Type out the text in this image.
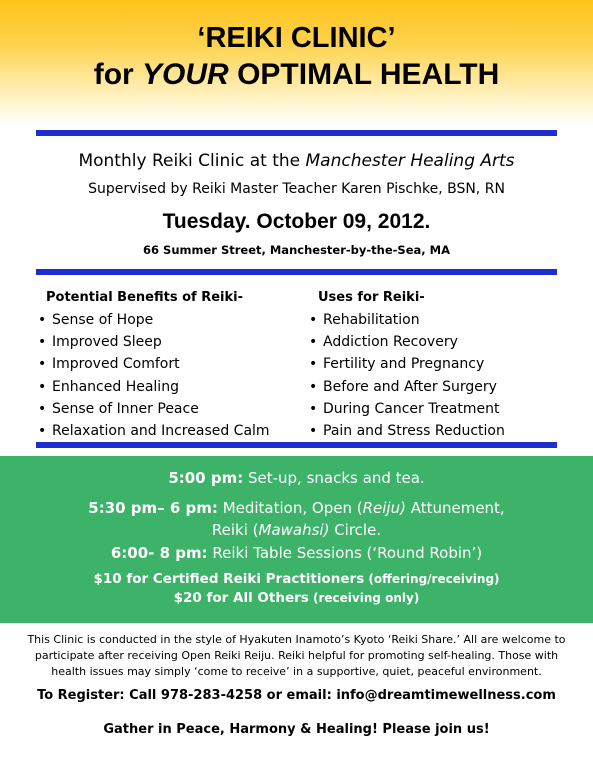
‘REIKI CLINIC’
for YOUR OPTIMAL HEALTH
Monthly Reiki Clinic at the Manchester Healing Arts
Supervised by Reiki Master Teacher Karen Pischke, BSN, RN
Tuesday. October 09, 2012.
66 Summer Street, Manchester-by-the-Sea, MA
Potential Benefits of Reiki-
• Sense of Hope
• Improved Sleep
• Improved Comfort
• Enhanced Healing
• Sense of Inner Peace
• Relaxation and Increased Calm
Uses for Reiki-
• Rehabilitation
• Addiction Recovery
• Fertility and Pregnancy
• Before and After Surgery
• During Cancer Treatment
• Pain and Stress Reduction
5:00 pm: Set-up, snacks and tea.
5:30 pm– 6 pm: Meditation, Open (Reiju) Attunement,
Reiki (Mawahsi) Circle.
6:00- 8 pm: Reiki Table Sessions (‘Round Robin’)
$10 for Certified Reiki Practitioners (offering/receiving)
$20 for All Others (receiving only)
This Clinic is conducted in the style of Hyakuten Inamoto’s Kyoto ‘Reiki Share.’ All are welcome to participate after receiving Open Reiki Reiju. Reiki helpful for promoting self-healing. Those with health issues may simply ‘come to receive’ in a supportive, quiet, peaceful environment.
To Register: Call 978-283-4258 or email: info@dreamtimewellness.com
Gather in Peace, Harmony & Healing! Please join us!
